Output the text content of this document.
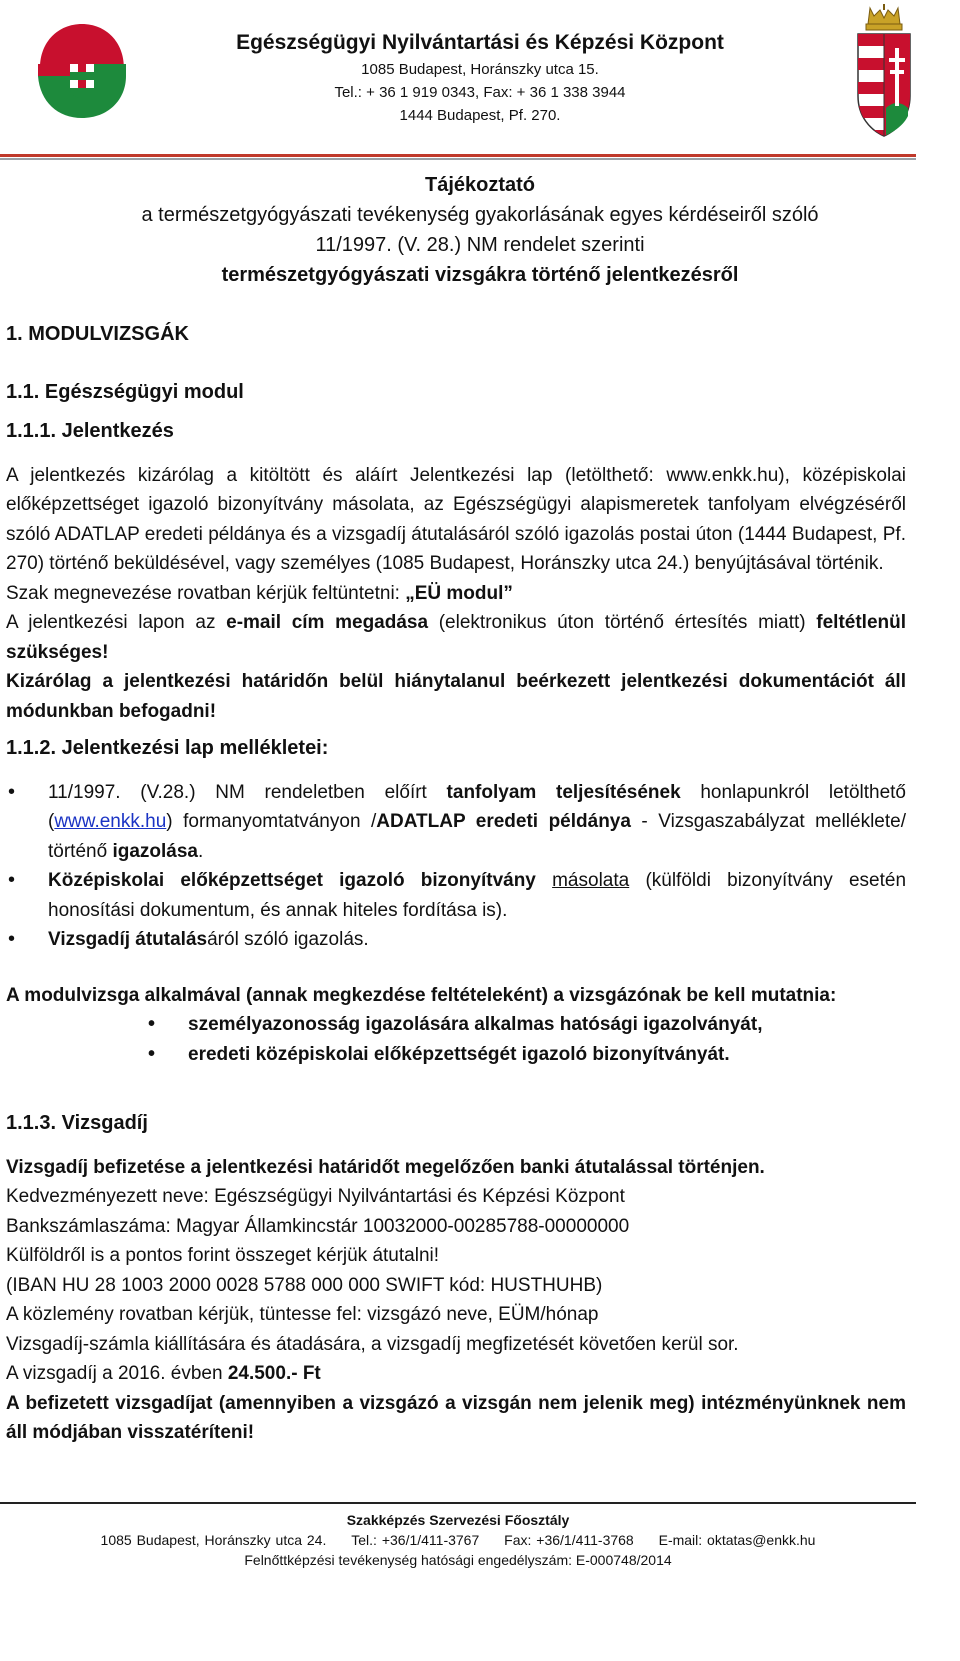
Egészségügyi Nyilvántartási és Képzési Központ
1085 Budapest, Horánszky utca 15.
Tel.: + 36 1 919 0343, Fax: + 36 1 338 3944
1444 Budapest, Pf. 270.
Tájékoztató
a természetgyógyászati tevékenység gyakorlásának egyes kérdéseiről szóló
11/1997. (V. 28.) NM rendelet szerinti
természetgyógyászati vizsgákra történő jelentkezésről
1. MODULVIZSGÁK
1.1. Egészségügyi modul
1.1.1. Jelentkezés

A jelentkezés kizárólag a kitöltött és aláírt Jelentkezési lap (letölthető: www.enkk.hu), középiskolai előképzettséget igazoló bizonyítvány másolata, az Egészségügyi alapismeretek tanfolyam elvégzéséről szóló ADATLAP eredeti példánya és a vizsgadíj átutalásáról szóló igazolás postai úton (1444 Budapest, Pf. 270) történő beküldésével, vagy személyes (1085 Budapest, Horánszky utca 24.) benyújtásával történik.

Szak megnevezése rovatban kérjük feltüntetni: „EÜ modul”

A jelentkezési lapon az e-mail cím megadása (elektronikus úton történő értesítés miatt) feltétlenül szükséges!

Kizárólag a jelentkezési határidőn belül hiánytalanul beérkezett jelentkezési dokumentációt áll módunkban befogadni!

1.1.2. Jelentkezési lap mellékletei:
• 11/1997. (V.28.) NM rendeletben előírt tanfolyam teljesítésének honlapunkról letölthető (www.enkk.hu) formanyomtatványon /ADATLAP eredeti példánya - Vizsgaszabályzat melléklete/ történő igazolása.
• Középiskolai előképzettséget igazoló bizonyítvány másolata (külföldi bizonyítvány esetén honosítási dokumentum, és annak hiteles fordítása is).
• Vizsgadíj átutalásáról szóló igazolás.

A modulvizsga alkalmával (annak megkezdése feltételeként) a vizsgázónak be kell mutatnia:

• személyazonosság igazolására alkalmas hatósági igazolványát,
• eredeti középiskolai előképzettségét igazoló bizonyítványát.
1.1.3. Vizsgadíj

Vizsgadíj befizetése a jelentkezési határidőt megelőzően banki átutalással történjen.

Kedvezményezett neve: Egészségügyi Nyilvántartási és Képzési Központ
Bankszámlaszáma: Magyar Államkincstár 10032000-00285788-00000000
Külföldről is a pontos forint összeget kérjük átutalni!
(IBAN HU 28 1003 2000 0028 5788 000 000 SWIFT kód: HUSTHUHB)
A közlemény rovatban kérjük, tüntesse fel: vizsgázó neve, EÜM/hónap
Vizsgadíj-számla kiállítására és átadására, a vizsgadíj megfizetését követően kerül sor.

A vizsgadíj a 2016. évben 24.500.- Ft

A befizetett vizsgadíjat (amennyiben a vizsgázó a vizsgán nem jelenik meg) intézményünknek nem áll módjában visszatéríteni!

Szakképzés Szervezési Főosztály
1085 Budapest, Horánszky utca 24. Tel.: +36/1/411-3767 Fax: +36/1/411-3768 E-mail: oktatas@enkk.hu
Felnőttképzési tevékenység hatósági engedélyszám: E-000748/2014
